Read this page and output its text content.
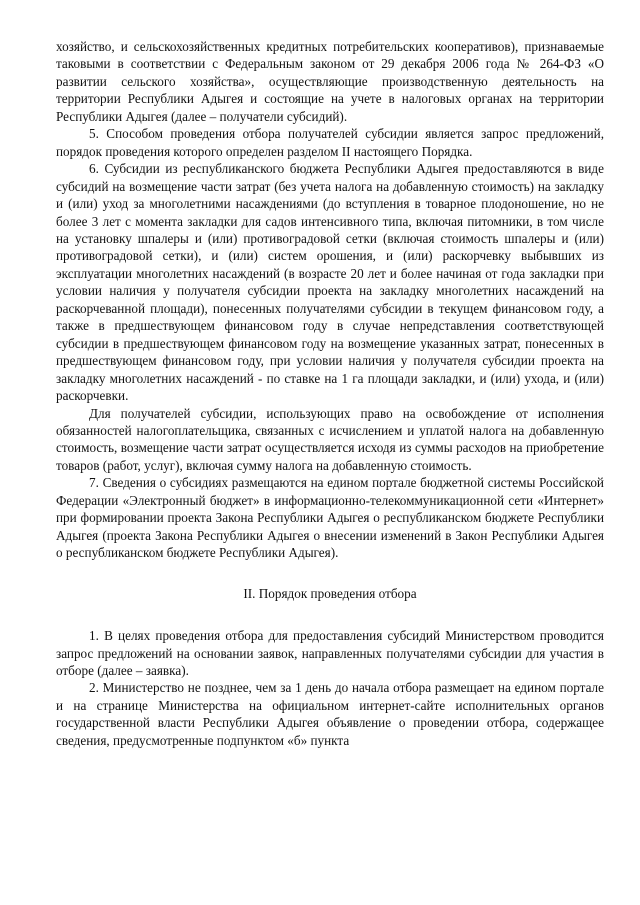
хозяйство, и сельскохозяйственных кредитных потребительских кооперативов), признаваемые таковыми в соответствии с Федеральным законом от 29 декабря 2006 года № 264-ФЗ «О развитии сельского хозяйства», осуществляющие производственную деятельность на территории Республики Адыгея и состоящие на учете в налоговых органах на территории Республики Адыгея (далее – получатели субсидий).

5. Способом проведения отбора получателей субсидии является запрос предложений, порядок проведения которого определен разделом II настоящего Порядка.

6. Субсидии из республиканского бюджета Республики Адыгея предоставляются в виде субсидий на возмещение части затрат (без учета налога на добавленную стоимость) на закладку и (или) уход за многолетними насаждениями (до вступления в товарное плодоношение, но не более 3 лет с момента закладки для садов интенсивного типа, включая питомники, в том числе на установку шпалеры и (или) противоградовой сетки (включая стоимость шпалеры и (или) противоградовой сетки), и (или) систем орошения, и (или) раскорчевку выбывших из эксплуатации многолетних насаждений (в возрасте 20 лет и более начиная от года закладки при условии наличия у получателя субсидии проекта на закладку многолетних насаждений на раскорчеванной площади), понесенных получателями субсидии в текущем финансовом году, а также в предшествующем финансовом году в случае непредставления соответствующей субсидии в предшествующем финансовом году на возмещение указанных затрат, понесенных в предшествующем финансовом году, при условии наличия у получателя субсидии проекта на закладку многолетних насаждений - по ставке на 1 га площади закладки, и (или) ухода, и (или) раскорчевки.

Для получателей субсидии, использующих право на освобождение от исполнения обязанностей налогоплательщика, связанных с исчислением и уплатой налога на добавленную стоимость, возмещение части затрат осуществляется исходя из суммы расходов на приобретение товаров (работ, услуг), включая сумму налога на добавленную стоимость.

7. Сведения о субсидиях размещаются на едином портале бюджетной системы Российской Федерации «Электронный бюджет» в информационно-телекоммуникационной сети «Интернет» при формировании проекта Закона Республики Адыгея о республиканском бюджете Республики Адыгея (проекта Закона Республики Адыгея о внесении изменений в Закон Республики Адыгея о республиканском бюджете Республики Адыгея).

II. Порядок проведения отбора

1. В целях проведения отбора для предоставления субсидий Министерством проводится запрос предложений на основании заявок, направленных получателями субсидии для участия в отборе (далее – заявка).

2. Министерство не позднее, чем за 1 день до начала отбора размещает на едином портале и на странице Министерства на официальном интернет-сайте исполнительных органов государственной власти Республики Адыгея объявление о проведении отбора, содержащее сведения, предусмотренные подпунктом «б» пункта
